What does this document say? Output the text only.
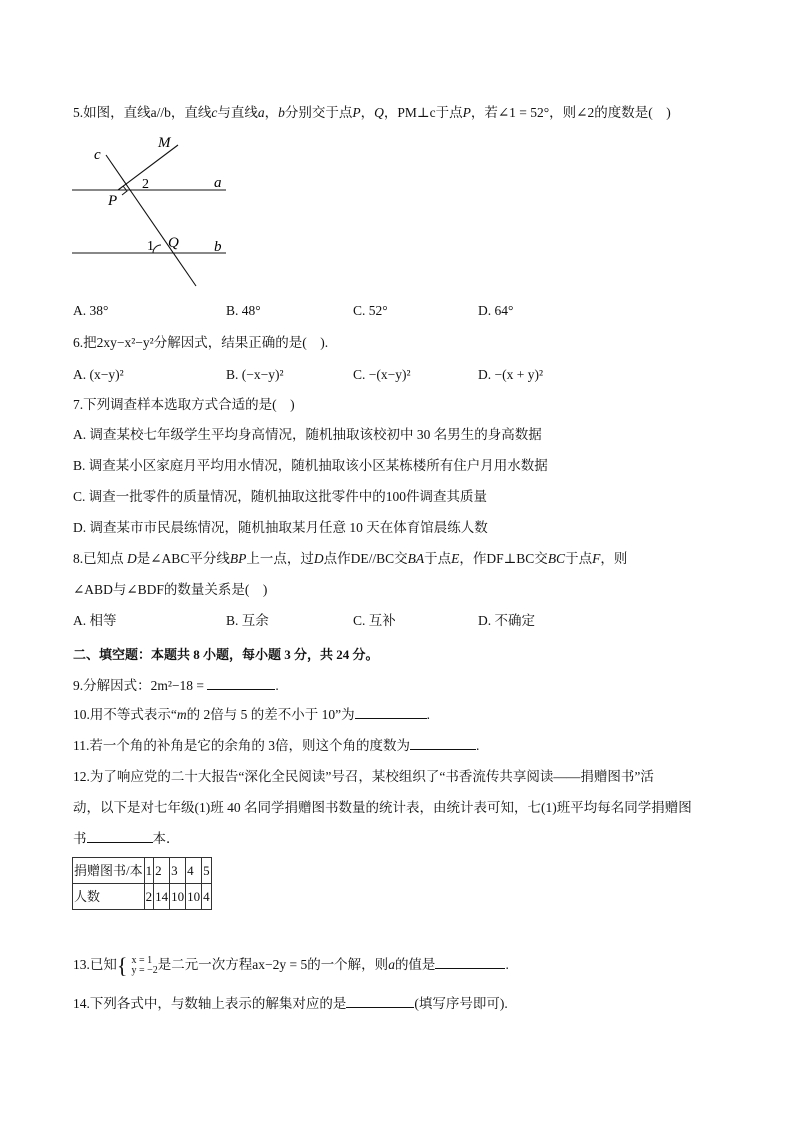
5.如图，直线a//b，直线c与直线a，b分别交于点P，Q，PM⊥c于点P，若∠1 = 52°，则∠2的度数是(　)
c
M
2	a
P
1 Q b
A. 38°	B. 48°	C. 52°	D. 64°
6.把2xy−x²−y²分解因式，结果正确的是(　).
A. (x−y)²	B. (−x−y)²	C. −(x−y)²	D. −(x + y)²
7.下列调查样本选取方式合适的是(　)
A. 调查某校七年级学生平均身高情况，随机抽取该校初中 30 名男生的身高数据
B. 调查某小区家庭月平均用水情况，随机抽取该小区某栋楼所有住户月用水数据
C. 调查一批零件的质量情况，随机抽取这批零件中的100件调查其质量
D. 调查某市市民晨练情况，随机抽取某月任意 10 天在体育馆晨练人数
8.已知点 D是∠ABC平分线BP上一点，过D点作DE//BC交BA于点E，作DF⊥BC交BC于点F，则
∠ABD与∠BDF的数量关系是(　)
A. 相等	B. 互余	C. 互补	D. 不确定
二、填空题：本题共 8 小题，每小题 3 分，共 24 分。
9.分解因式：2m²−18 =	.
10.用不等式表示“m的 2倍与 5 的差不小于 10”为	.
11.若一个角的补角是它的余角的 3倍，则这个角的度数为	.
12.为了响应党的二十大报告“深化全民阅读”号召，某校组织了“书香流传共享阅读——捐赠图书”活
动，以下是对七年级(1)班 40 名同学捐赠图书数量的统计表，由统计表可知，七(1)班平均每名同学捐赠图
书	本．
捐赠图书/本	1	2	3	4	5
人数	2	14	10	10	4
13.已知{ x = 1
y = −2 是二元一次方程ax−2y = 5的一个解，则a的值是	.
14.下列各式中，与数轴上表示的解集对应的是	(填写序号即可).
